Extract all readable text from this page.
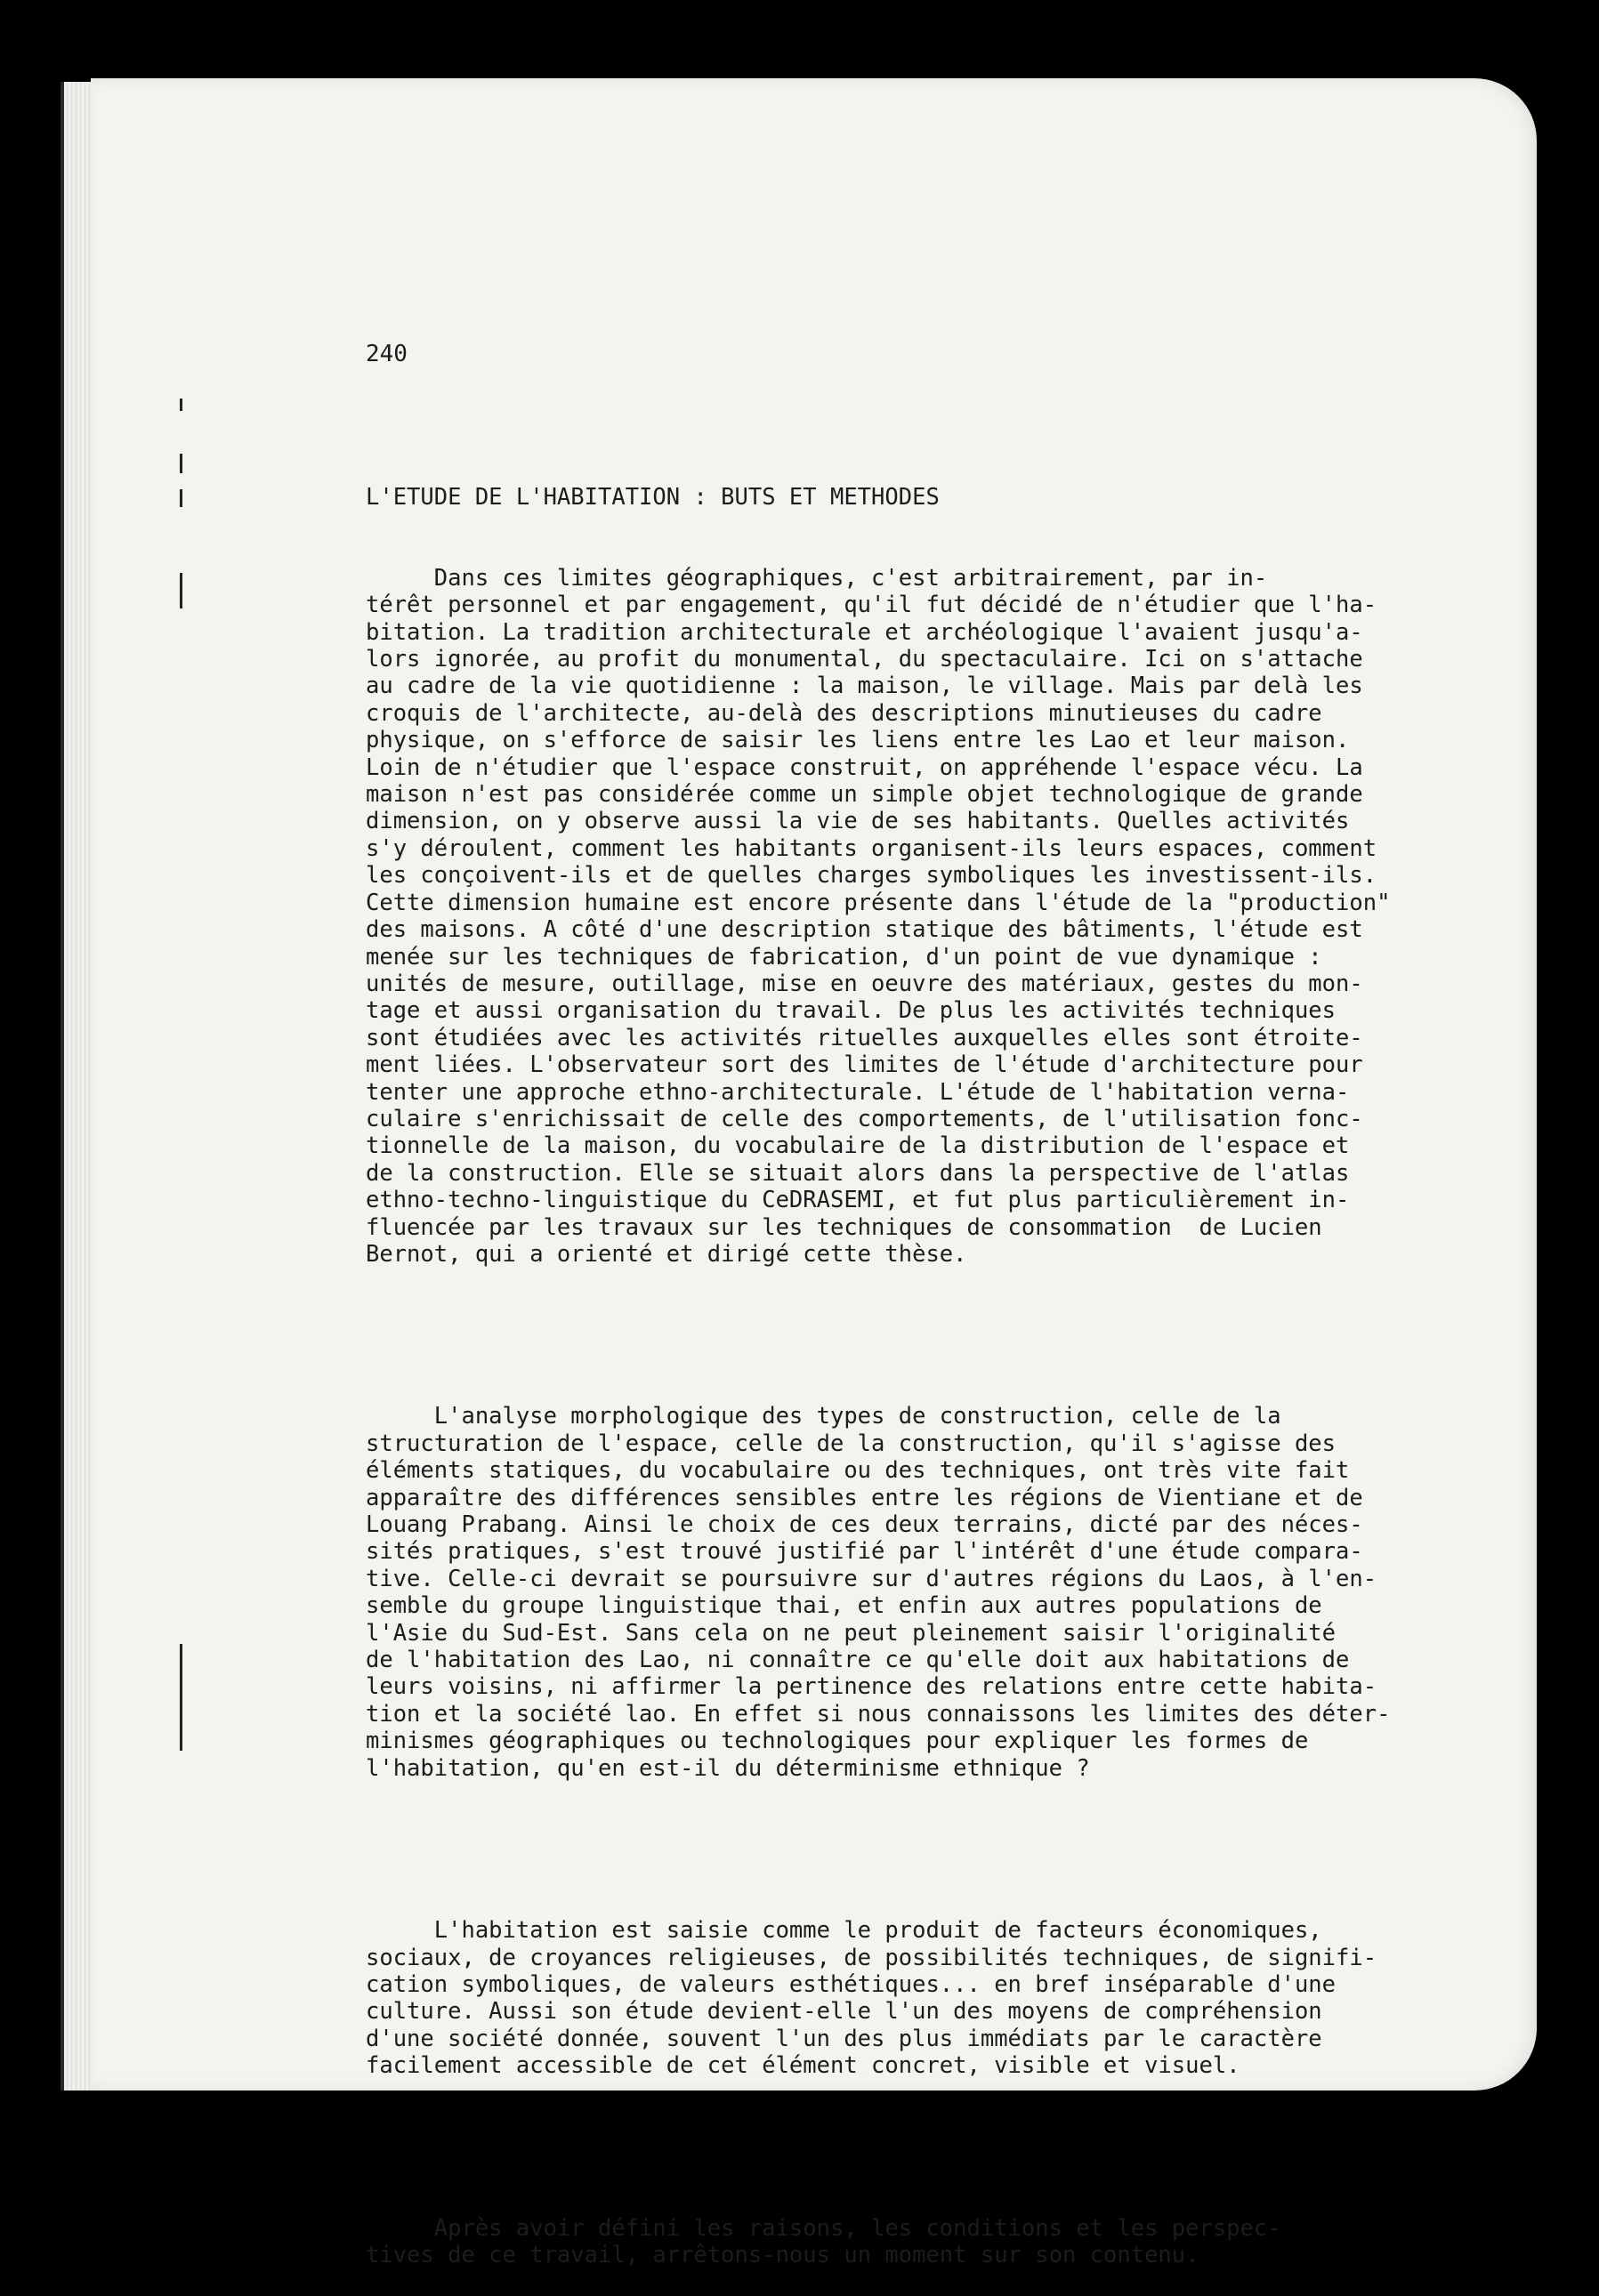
240

L'ETUDE DE L'HABITATION : BUTS ET METHODES

Dans ces limites géographiques, c'est arbitrairement, par in-
térêt personnel et par engagement, qu'il fut décidé de n'étudier que l'ha-
bitation. La tradition architecturale et archéologique l'avaient jusqu'a-
lors ignorée, au profit du monumental, du spectaculaire. Ici on s'attache
au cadre de la vie quotidienne : la maison, le village. Mais par delà les
croquis de l'architecte, au-delà des descriptions minutieuses du cadre
physique, on s'efforce de saisir les liens entre les Lao et leur maison.
Loin de n'étudier que l'espace construit, on appréhende l'espace vécu. La
maison n'est pas considérée comme un simple objet technologique de grande
dimension, on y observe aussi la vie de ses habitants. Quelles activités
s'y déroulent, comment les habitants organisent-ils leurs espaces, comment
les conçoivent-ils et de quelles charges symboliques les investissent-ils.
Cette dimension humaine est encore présente dans l'étude de la "production"
des maisons. A côté d'une description statique des bâtiments, l'étude est
menée sur les techniques de fabrication, d'un point de vue dynamique :
unités de mesure, outillage, mise en oeuvre des matériaux, gestes du mon-
tage et aussi organisation du travail. De plus les activités techniques
sont étudiées avec les activités rituelles auxquelles elles sont étroite-
ment liées. L'observateur sort des limites de l'étude d'architecture pour
tenter une approche ethno-architecturale. L'étude de l'habitation verna-
culaire s'enrichissait de celle des comportements, de l'utilisation fonc-
tionnelle de la maison, du vocabulaire de la distribution de l'espace et
de la construction. Elle se situait alors dans la perspective de l'atlas
ethno-techno-linguistique du CeDRASEMI, et fut plus particulièrement in-
fluencée par les travaux sur les techniques de consommation  de Lucien
Bernot, qui a orienté et dirigé cette thèse.

L'analyse morphologique des types de construction, celle de la
structuration de l'espace, celle de la construction, qu'il s'agisse des
éléments statiques, du vocabulaire ou des techniques, ont très vite fait
apparaître des différences sensibles entre les régions de Vientiane et de
Louang Prabang. Ainsi le choix de ces deux terrains, dicté par des néces-
sités pratiques, s'est trouvé justifié par l'intérêt d'une étude compara-
tive. Celle-ci devrait se poursuivre sur d'autres régions du Laos, à l'en-
semble du groupe linguistique thai, et enfin aux autres populations de
l'Asie du Sud-Est. Sans cela on ne peut pleinement saisir l'originalité
de l'habitation des Lao, ni connaître ce qu'elle doit aux habitations de
leurs voisins, ni affirmer la pertinence des relations entre cette habita-
tion et la société lao. En effet si nous connaissons les limites des déter-
minismes géographiques ou technologiques pour expliquer les formes de
l'habitation, qu'en est-il du déterminisme ethnique ?

L'habitation est saisie comme le produit de facteurs économiques,
sociaux, de croyances religieuses, de possibilités techniques, de signifi-
cation symboliques, de valeurs esthétiques... en bref inséparable d'une
culture. Aussi son étude devient-elle l'un des moyens de compréhension
d'une société donnée, souvent l'un des plus immédiats par le caractère
facilement accessible de cet élément concret, visible et visuel.

Après avoir défini les raisons, les conditions et les perspec-
tives de ce travail, arrêtons-nous un moment sur son contenu.
